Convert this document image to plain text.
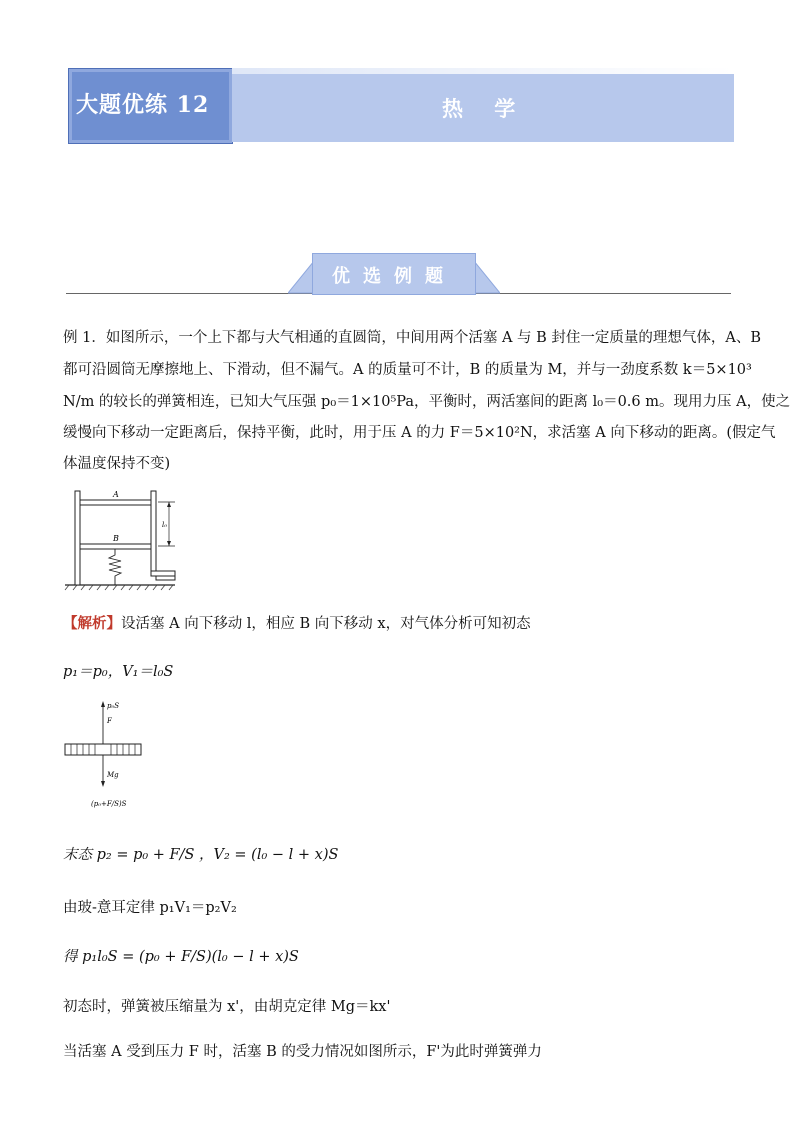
大题优练 12	热 学
优选例题
例 1．如图所示，一个上下都与大气相通的直圆筒，中间用两个活塞 A 与 B 封住一定质量的理想气体，A、B
都可沿圆筒无摩擦地上、下滑动，但不漏气。A 的质量可不计，B 的质量为 M，并与一劲度系数 k＝5×10³
N/m 的较长的弹簧相连，已知大气压强 p₀＝1×10⁵Pa，平衡时，两活塞间的距离 l₀＝0.6 m。现用力压 A，使之
缓慢向下移动一定距离后，保持平衡，此时，用于压 A 的力 F＝5×10²N，求活塞 A 向下移动的距离。(假定气
体温度保持不变)
A
B
l₀
【解析】设活塞 A 向下移动 l，相应 B 向下移动 x，对气体分析可知初态
p₁＝p₀，V₁＝l₀S
p₀S
F
Mg
(p₀+F/S)S
末态 p₂ = p₀ + F/S ，V₂ = (l₀ − l + x)S
由玻-意耳定律 p₁V₁＝p₂V₂
得 p₁l₀S = (p₀ + F/S)(l₀ − l + x)S
初态时，弹簧被压缩量为 x'，由胡克定律 Mg＝kx'
当活塞 A 受到压力 F 时，活塞 B 的受力情况如图所示，F'为此时弹簧弹力
